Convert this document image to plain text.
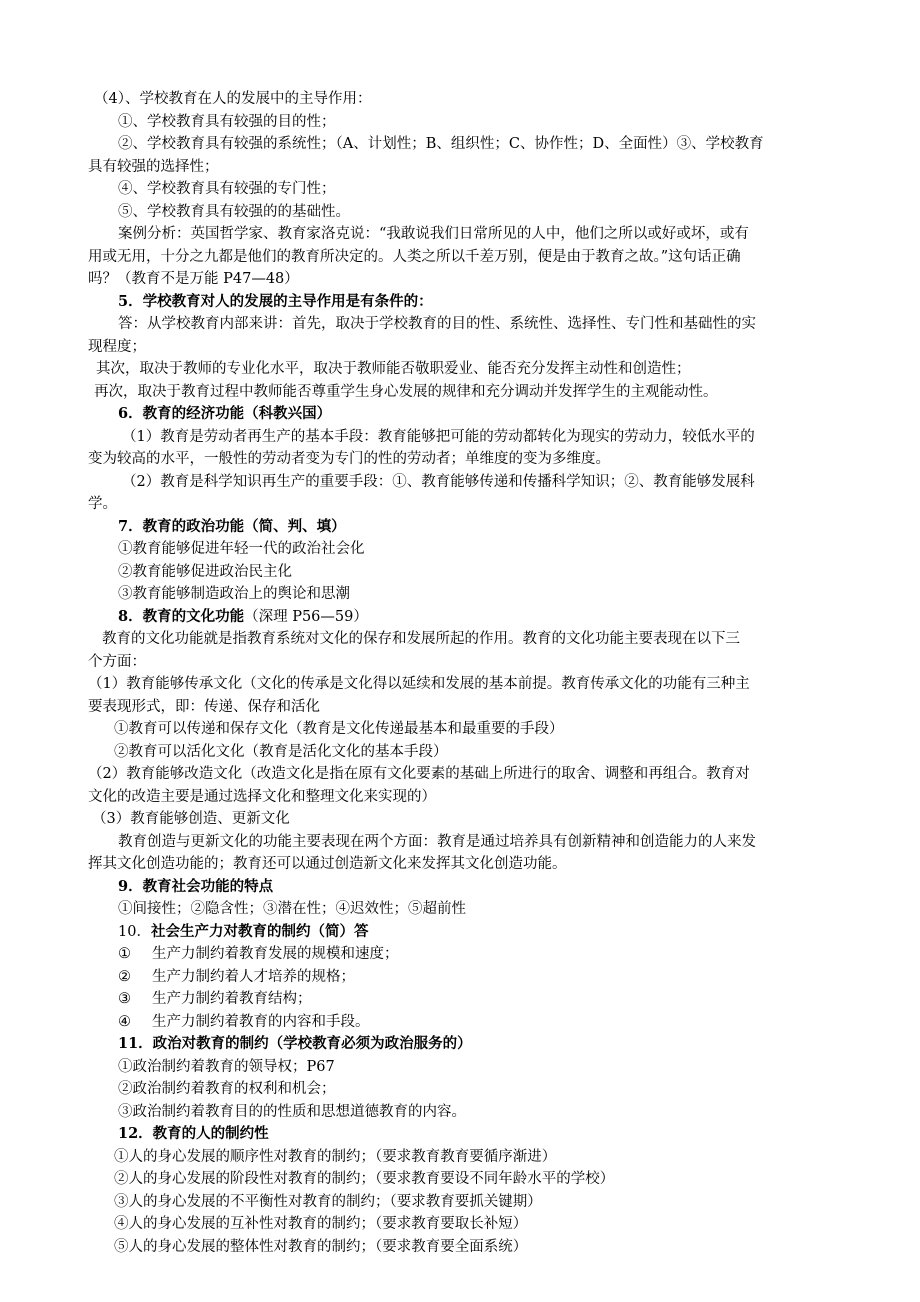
（4）、学校教育在人的发展中的主导作用：
①、学校教育具有较强的目的性；
②、学校教育具有较强的系统性；（A、计划性；B、组织性；C、协作性；D、全面性）③、学校教育
具有较强的选择性；
④、学校教育具有较强的专门性；
⑤、学校教育具有较强的的基础性。
案例分析：英国哲学家、教育家洛克说：“我敢说我们日常所见的人中，他们之所以或好或坏，或有
用或无用，十分之九都是他们的教育所决定的。人类之所以千差万别，便是由于教育之故。”这句话正确
吗？（教育不是万能 P47—48）
5．学校教育对人的发展的主导作用是有条件的：
答：从学校教育内部来讲：首先，取决于学校教育的目的性、系统性、选择性、专门性和基础性的实
现程度；
其次，取决于教师的专业化水平，取决于教师能否敬职爱业、能否充分发挥主动性和创造性；
再次，取决于教育过程中教师能否尊重学生身心发展的规律和充分调动并发挥学生的主观能动性。
6．教育的经济功能（科教兴国）
（1）教育是劳动者再生产的基本手段：教育能够把可能的劳动都转化为现实的劳动力，较低水平的
变为较高的水平，一般性的劳动者变为专门的性的劳动者；单维度的变为多维度。
（2）教育是科学知识再生产的重要手段：①、教育能够传递和传播科学知识；②、教育能够发展科
学。
7．教育的政治功能（简、判、填）
①教育能够促进年轻一代的政治社会化
②教育能够促进政治民主化
③教育能够制造政治上的舆论和思潮
8．教育的文化功能（深理 P56—59）
教育的文化功能就是指教育系统对文化的保存和发展所起的作用。教育的文化功能主要表现在以下三
个方面：
（1）教育能够传承文化（文化的传承是文化得以延续和发展的基本前提。教育传承文化的功能有三种主
要表现形式，即：传递、保存和活化
①教育可以传递和保存文化（教育是文化传递最基本和最重要的手段）
②教育可以活化文化（教育是活化文化的基本手段）
（2）教育能够改造文化（改造文化是指在原有文化要素的基础上所进行的取舍、调整和再组合。教育对
文化的改造主要是通过选择文化和整理文化来实现的）
（3）教育能够创造、更新文化
教育创造与更新文化的功能主要表现在两个方面：教育是通过培养具有创新精神和创造能力的人来发
挥其文化创造功能的；教育还可以通过创造新文化来发挥其文化创造功能。
9．教育社会功能的特点
①间接性；②隐含性；③潜在性；④迟效性；⑤超前性
10．社会生产力对教育的制约（简）答
① 生产力制约着教育发展的规模和速度；
② 生产力制约着人才培养的规格；
③ 生产力制约着教育结构；
④ 生产力制约着教育的内容和手段。
11．政治对教育的制约（学校教育必须为政治服务的）
①政治制约着教育的领导权；P67
②政治制约着教育的权利和机会；
③政治制约着教育目的的性质和思想道德教育的内容。
12．教育的人的制约性
①人的身心发展的顺序性对教育的制约；（要求教育教育要循序渐进）
②人的身心发展的阶段性对教育的制约；（要求教育要设不同年龄水平的学校）
③人的身心发展的不平衡性对教育的制约；（要求教育要抓关键期）
④人的身心发展的互补性对教育的制约；（要求教育要取长补短）
⑤人的身心发展的整体性对教育的制约；（要求教育要全面系统）
